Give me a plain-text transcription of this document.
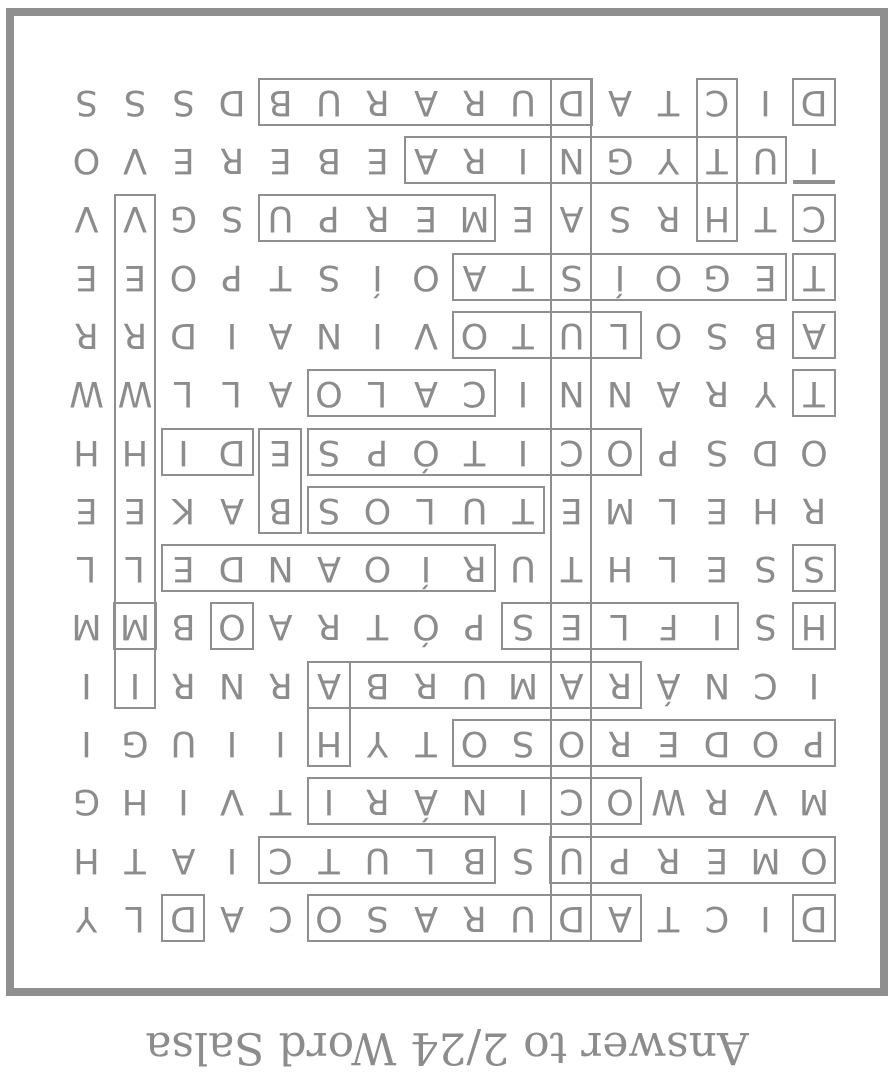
Answer to 2/24 Word Salsa
D
I
C
T
A
D
U
R
A
S
O
C
A
D
L
Y
O
M
E
R
P
U
S
B
L
U
T
C
I
A
T
H
M
V
R
W
O
C
I
N
Á
R
I
T
V
I
H
G
P
O
D
E
R
O
S
O
T
Y
H
I
I
U
G
I
I
C
N
Á
R
A
M
U
R
B
A
R
N
R
I
I
H
S
I
F
L
E
S
P
Ó
T
R
A
O
B
M
M
S
S
E
L
H
T
U
R
Í
O
A
N
D
E
L
L
R
H
E
L
M
E
T
U
L
O
S
B
A
K
E
E
O
D
S
P
O
C
I
T
Ó
P
S
E
D
I
H
H
T
Y
R
A
N
N
I
C
A
L
O
A
L
L
W
W
A
B
S
O
L
U
T
O
V
I
N
A
I
D
R
R
T
E
G
O
Í
S
T
A
O
Í
S
T
P
O
E
E
C
T
H
R
S
A
E
M
E
R
P
U
S
G
V
V
I
U
T
Y
G
N
I
R
A
E
B
E
R
E
V
O
D
I
C
T
A
D
U
R
A
R
U
B
D
S
S
S
